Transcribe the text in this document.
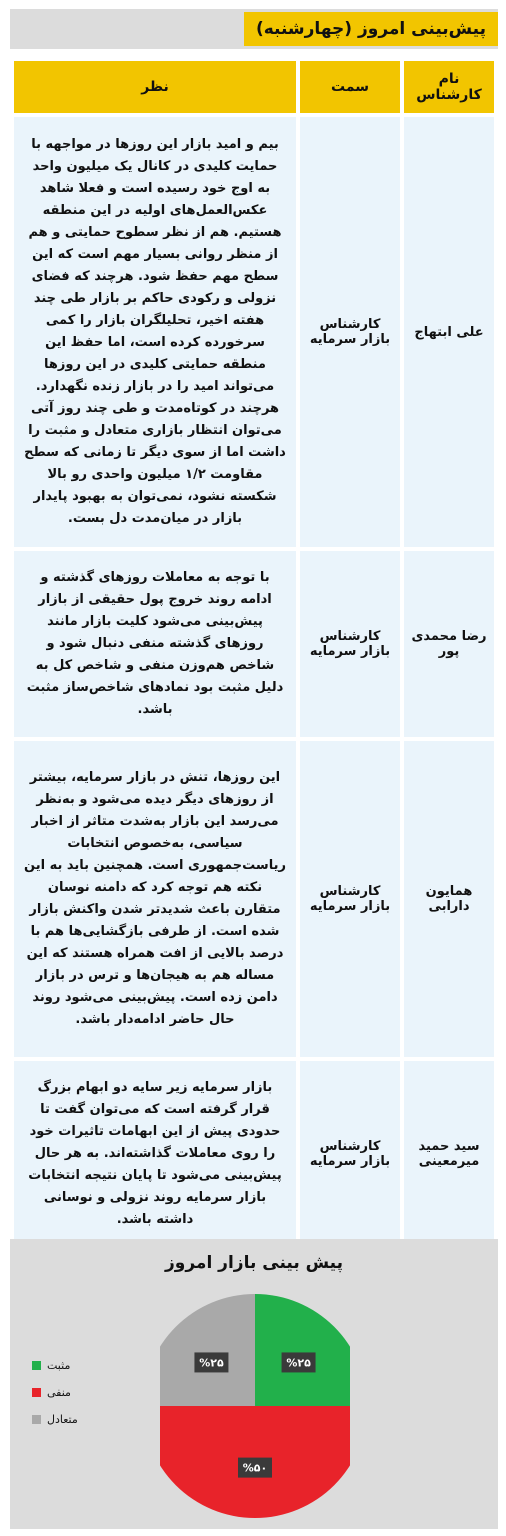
پیش‌بینی امروز (چهارشنبه)
نام کارشناس	سمت	نظر
علی ابتهاج	کارشناس بازار سرمایه	بیم و امید بازار این روزها در مواجهه با حمایت کلیدی در کانال یک میلیون واحد به اوج خود رسیده است و فعلا شاهد عکس‌العمل‌های اولیه در این منطقه هستیم. هم از نظر سطوح حمایتی و هم از منظر روانی بسیار مهم است که این سطح مهم حفظ شود. هرچند که فضای نزولی و رکودی حاکم بر بازار طی چند هفته اخیر، تحلیلگران بازار را کمی سرخورده کرده است، اما حفظ این منطقه حمایتی کلیدی در این روزها می‌تواند امید را در بازار زنده نگهدارد. هرچند در کوتاه‌مدت و طی چند روز آتی می‌توان انتظار بازاری متعادل و مثبت را داشت اما از سوی دیگر تا زمانی که سطح مقاومت ۱/۲ میلیون واحدی رو بالا شکسته نشود، نمی‌توان به بهبود پایدار بازار در میان‌مدت دل بست.
رضا محمدی پور	کارشناس بازار سرمایه	با توجه به معاملات روزهای گذشته و ادامه روند خروج پول حقیقی از بازار پیش‌بینی می‌شود کلیت بازار مانند روزهای گذشته منفی دنبال شود و شاخص هم‌وزن منفی و شاخص کل به دلیل مثبت بود نمادهای شاخص‌ساز مثبت باشد.
همایون دارابی	کارشناس بازار سرمایه	این روزها، تنش در بازار سرمایه، بیشتر از روزهای دیگر دیده می‌شود و به‌نظر می‌رسد این بازار به‌شدت متاثر از اخبار سیاسی، به‌خصوص انتخابات ریاست‌جمهوری است. همچنین باید به این نکته هم توجه کرد که دامنه نوسان متقارن باعث شدید‌تر شدن واکنش بازار شده است. از طرفی بازگشایی‌ها هم با درصد بالایی از افت همراه هستند که این مساله هم به هیجان‌ها و ترس در بازار دامن زده است. پیش‌بینی می‌شود روند حال حاضر ادامه‌دار باشد.
سید حمید میرمعینی	کارشناس بازار سرمایه	بازار سرمایه زیر سایه دو ابهام بزرگ قرار گرفته است که می‌توان گفت تا حدودی پیش از این ابهامات تاثیرات خود را روی معاملات گذاشته‌اند. به هر حال پیش‌بینی می‌شود تا پایان نتیجه انتخابات بازار سرمایه روند نزولی و نوسانی داشته باشد.
پیش بینی بازار امروز
%۲۵
%۵۰
%۲۵
مثبت
منفی
متعادل
